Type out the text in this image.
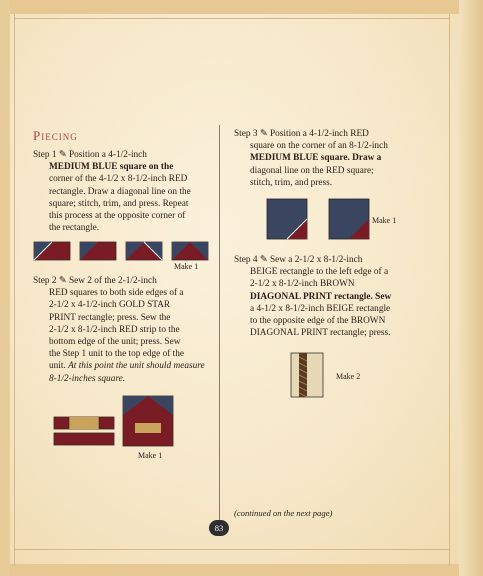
Piecing
Step 1 ✎ Position a 4-1/2-inch
MEDIUM BLUE square on the
corner of the 4-1/2 x 8-1/2-inch RED
rectangle. Draw a diagonal line on the
square; stitch, trim, and press. Repeat
this process at the opposite corner of
the rectangle.
Make 1
Step 2 ✎ Sew 2 of the 2-1/2-inch
RED squares to both side edges of a
2-1/2 x 4-1/2-inch GOLD STAR
PRINT rectangle; press. Sew the
2-1/2 x 8-1/2-inch RED strip to the
bottom edge of the unit; press. Sew
the Step 1 unit to the top edge of the
unit. At this point the unit should measure
8-1/2-inches square.
Make 1
Step 3 ✎ Position a 4-1/2-inch RED
square on the corner of an 8-1/2-inch
MEDIUM BLUE square. Draw a
diagonal line on the RED square;
stitch, trim, and press.
Make 1
Step 4 ✎ Sew a 2-1/2 x 8-1/2-inch
BEIGE rectangle to the left edge of a
2-1/2 x 8-1/2-inch BROWN
DIAGONAL PRINT rectangle. Sew
a 4-1/2 x 8-1/2-inch BEIGE rectangle
to the opposite edge of the BROWN
DIAGONAL PRINT rectangle; press.
Make 2
(continued on the next page)
83
